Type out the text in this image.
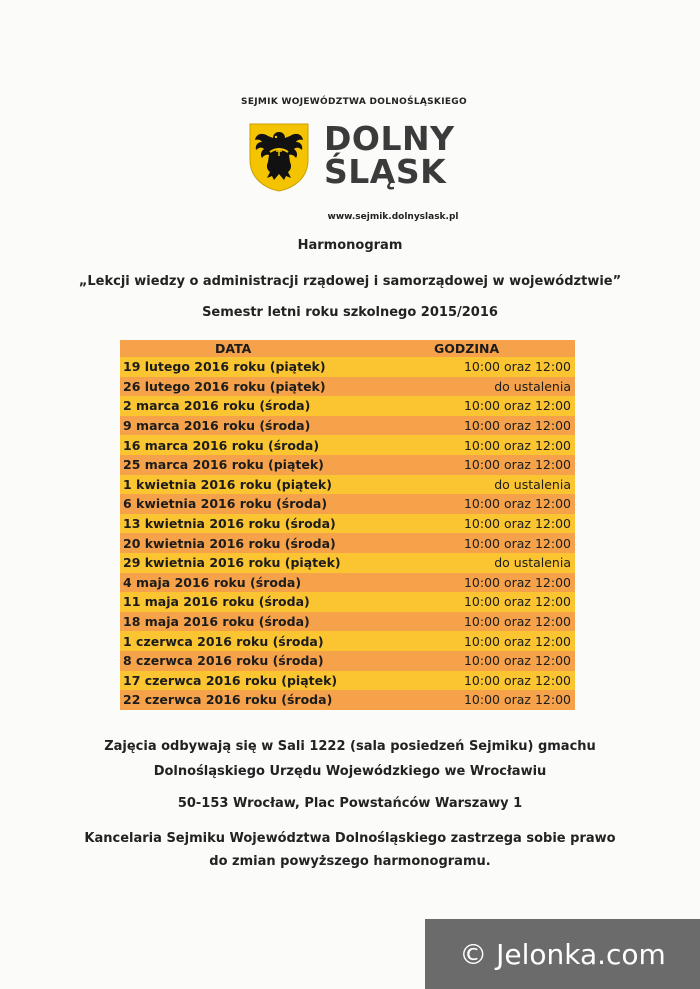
SEJMIK WOJEWÓDZTWA DOLNOŚLĄSKIEGO
DOLNY
ŚLĄSK
www.sejmik.dolnyslask.pl
Harmonogram
„Lekcji wiedzy o administracji rządowej i samorządowej w województwie”
Semestr letni roku szkolnego 2015/2016
DATA	GODZINA
19 lutego 2016 roku (piątek)	10:00 oraz 12:00
26 lutego 2016 roku (piątek)	do ustalenia
2 marca 2016 roku (środa)	10:00 oraz 12:00
9 marca 2016 roku (środa)	10:00 oraz 12:00
16 marca 2016 roku (środa)	10:00 oraz 12:00
25 marca 2016 roku (piątek)	10:00 oraz 12:00
1 kwietnia 2016 roku (piątek)	do ustalenia
6 kwietnia 2016 roku (środa)	10:00 oraz 12:00
13 kwietnia 2016 roku (środa)	10:00 oraz 12:00
20 kwietnia 2016 roku (środa)	10:00 oraz 12:00
29 kwietnia 2016 roku (piątek)	do ustalenia
4 maja 2016 roku (środa)	10:00 oraz 12:00
11 maja 2016 roku (środa)	10:00 oraz 12:00
18 maja 2016 roku (środa)	10:00 oraz 12:00
1 czerwca 2016 roku (środa)	10:00 oraz 12:00
8 czerwca 2016 roku (środa)	10:00 oraz 12:00
17 czerwca 2016 roku (piątek)	10:00 oraz 12:00
22 czerwca 2016 roku (środa)	10:00 oraz 12:00
Zajęcia odbywają się w Sali 1222 (sala posiedzeń Sejmiku) gmachu
Dolnośląskiego Urzędu Wojewódzkiego we Wrocławiu
50-153 Wrocław, Plac Powstańców Warszawy 1
Kancelaria Sejmiku Województwa Dolnośląskiego zastrzega sobie prawo
do zmian powyższego harmonogramu.
© Jelonka.com
